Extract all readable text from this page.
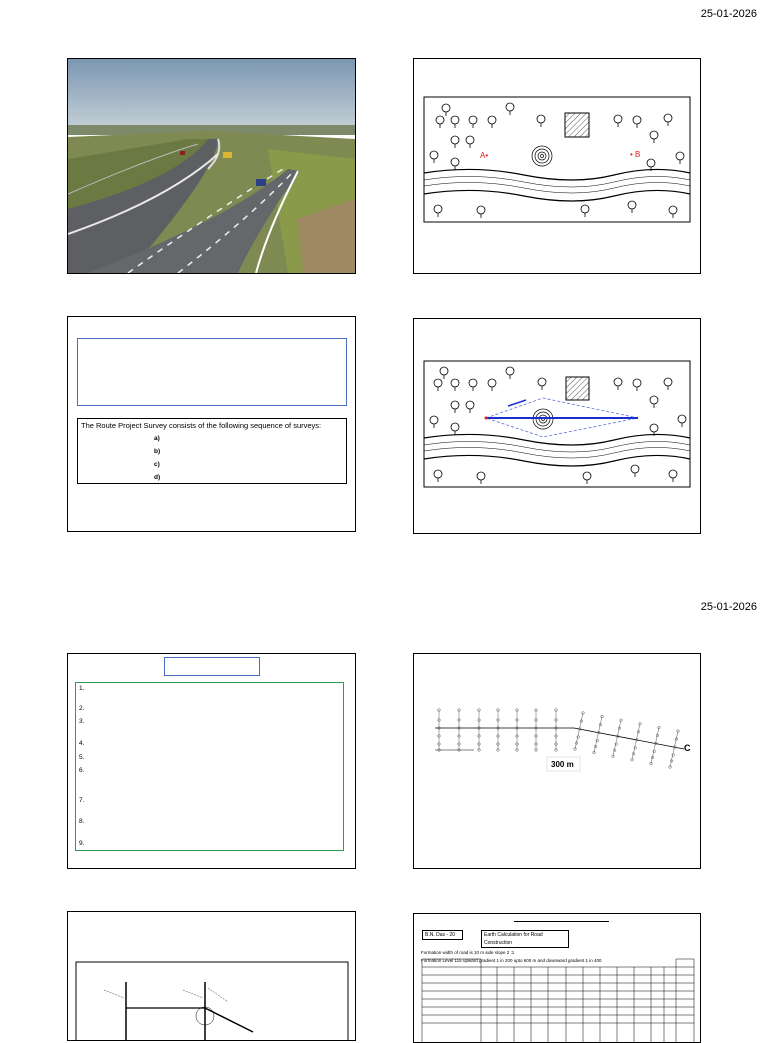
25-01-2026
25-01-2026
A•	• B

The Route Project Survey consists of the following sequence of surveys:

a)
b)
c)
d)
1.
2.
3.
4.
5.
6.
7.
8.
9.
300 m
C
B.N. Das - 20	Earth Calculation for Road Construction
Formation width of road is 10 m side slope 2 :1
Formation Level 115 upward gradient 1 in 200 upto 600 m and downward gradient 1 in 400
